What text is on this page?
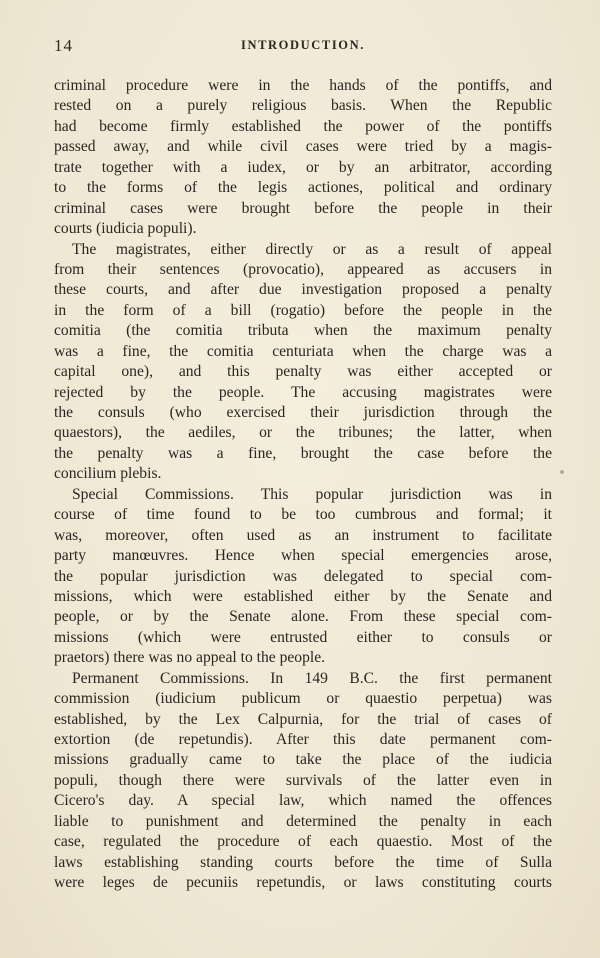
14	INTRODUCTION.
criminal procedure were in the hands of the pontiffs, and
rested on a purely religious basis. When the Republic
had become firmly established the power of the pontiffs
passed away, and while civil cases were tried by a magis-
trate together with a iudex, or by an arbitrator, according
to the forms of the legis actiones, political and ordinary
criminal cases were brought before the people in their
courts (iudicia populi).
The magistrates, either directly or as a result of appeal
from their sentences (provocatio), appeared as accusers in
these courts, and after due investigation proposed a penalty
in the form of a bill (rogatio) before the people in the
comitia (the comitia tributa when the maximum penalty
was a fine, the comitia centuriata when the charge was a
capital one), and this penalty was either accepted or
rejected by the people. The accusing magistrates were
the consuls (who exercised their jurisdiction through the
quaestors), the aediles, or the tribunes; the latter, when
the penalty was a fine, brought the case before the
concilium plebis.
Special Commissions. This popular jurisdiction was in
course of time found to be too cumbrous and formal; it
was, moreover, often used as an instrument to facilitate
party manœuvres. Hence when special emergencies arose,
the popular jurisdiction was delegated to special com-
missions, which were established either by the Senate and
people, or by the Senate alone. From these special com-
missions (which were entrusted either to consuls or
praetors) there was no appeal to the people.
Permanent Commissions. In 149 B.C. the first permanent
commission (iudicium publicum or quaestio perpetua) was
established, by the Lex Calpurnia, for the trial of cases of
extortion (de repetundis). After this date permanent com-
missions gradually came to take the place of the iudicia
populi, though there were survivals of the latter even in
Cicero's day. A special law, which named the offences
liable to punishment and determined the penalty in each
case, regulated the procedure of each quaestio. Most of the
laws establishing standing courts before the time of Sulla
were leges de pecuniis repetundis, or laws constituting courts
